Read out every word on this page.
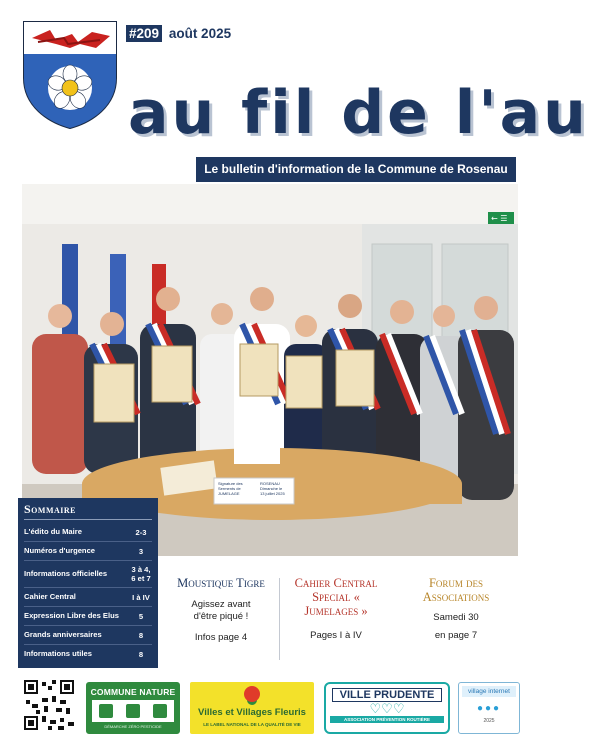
#209 août 2025
au fil de l'au
Le bulletin d'information de la Commune de Rosenau
← ☰
Signature des
Serments de
JUMELAGE
ROSENAU
Dimanche le
13 juillet 2025
Sommaire
L'édito du Maire	2-3
Numéros d'urgence	3
Informations officielles	3 à 4, 6 et 7
Cahier Central	I à IV
Expression Libre des Elus	5
Grands anniversaires	8
Informations utiles	8
Moustique Tigre

Agissez avant

d'être piqué !

Infos page 4

Cahier Central Special « Jumelages »

Pages I à IV

Forum des Associations

Samedi 30

en page 7

COMMUNE NATURE
DÉMARCHE ZÉRO PESTICIDE
Villes et Villages Fleuris
LE LABEL NATIONAL DE LA QUALITÉ DE VIE
VILLE PRUDENTE
♡♡♡
ASSOCIATION PRÉVENTION ROUTIÈRE
village internet
●●●
2025
